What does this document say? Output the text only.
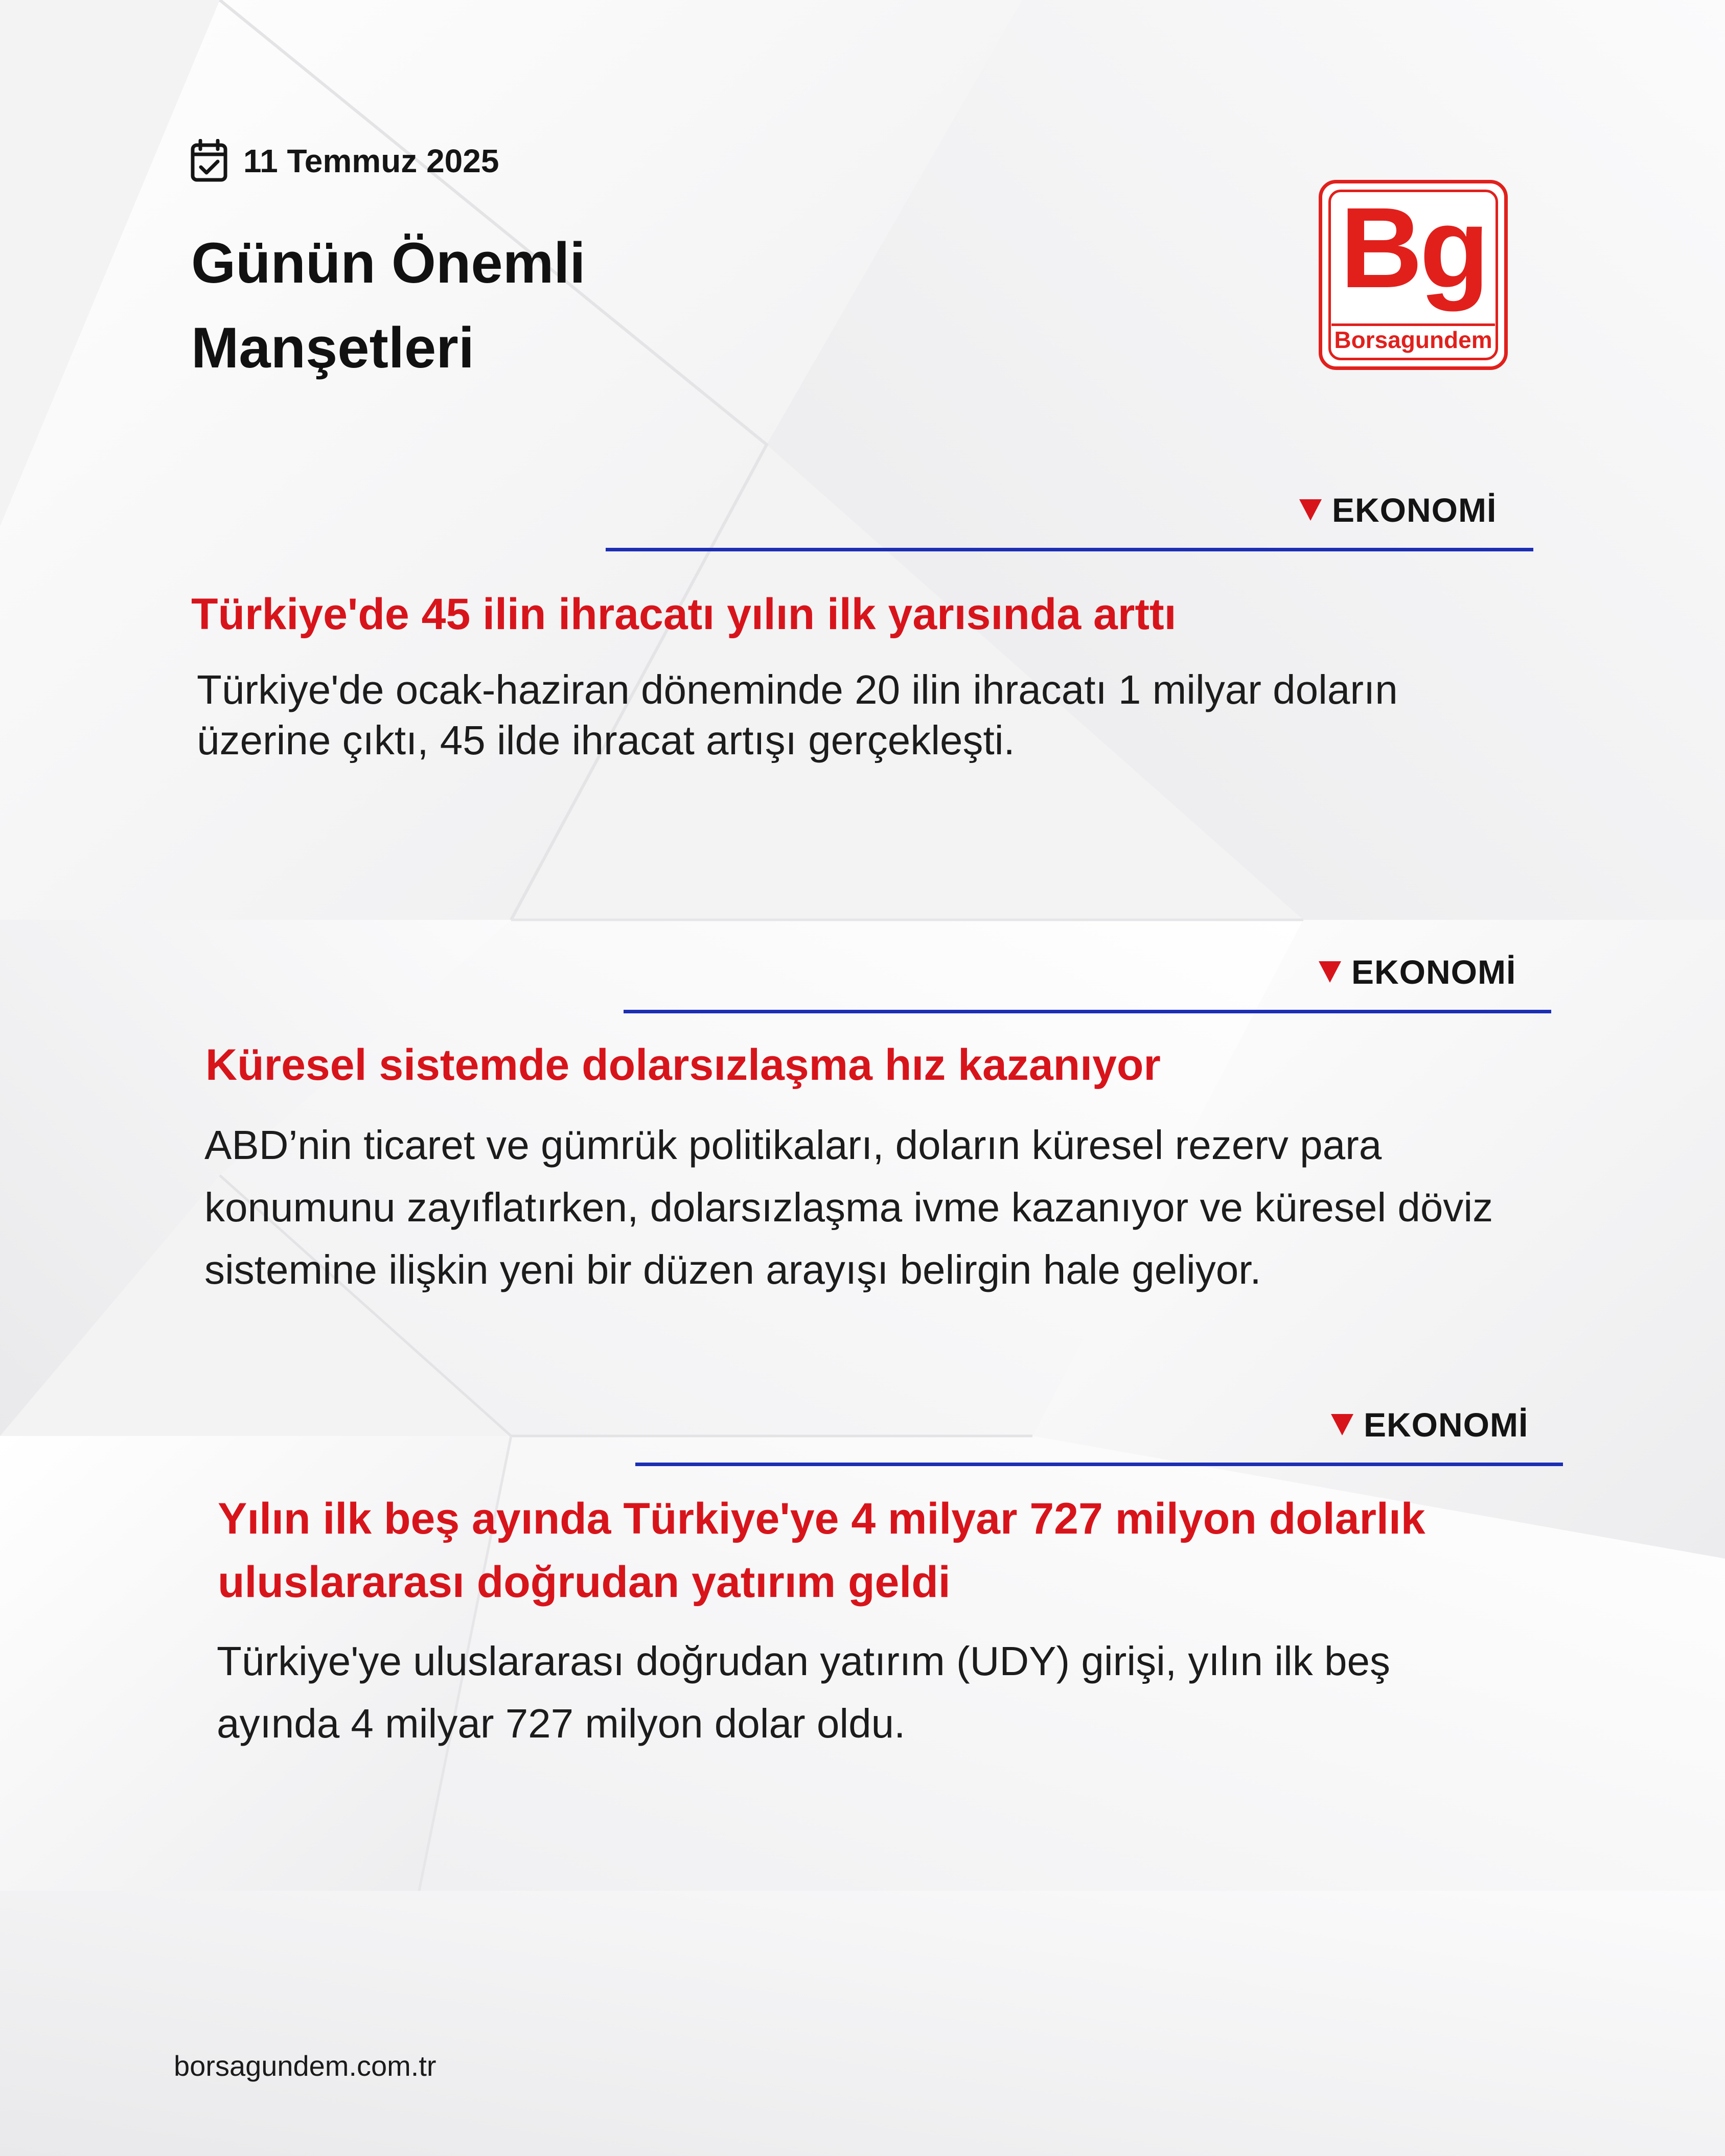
11 Temmuz 2025
Günün Önemli Manşetleri
Bg
Borsagundem
EKONOMİ
Türkiye'de 45 ilin ihracatı yılın ilk yarısında arttı
Türkiye'de ocak-haziran döneminde 20 ilin ihracatı 1 milyar doların üzerine çıktı, 45 ilde ihracat artışı gerçekleşti.
EKONOMİ
Küresel sistemde dolarsızlaşma hız kazanıyor
ABD’nin ticaret ve gümrük politikaları, doların küresel rezerv para konumunu zayıflatırken, dolarsızlaşma ivme kazanıyor ve küresel döviz sistemine ilişkin yeni bir düzen arayışı belirgin hale geliyor.
EKONOMİ
Yılın ilk beş ayında Türkiye'ye 4 milyar 727 milyon dolarlık uluslararası doğrudan yatırım geldi
Türkiye'ye uluslararası doğrudan yatırım (UDY) girişi, yılın ilk beş ayında 4 milyar 727 milyon dolar oldu.
borsagundem.com.tr
